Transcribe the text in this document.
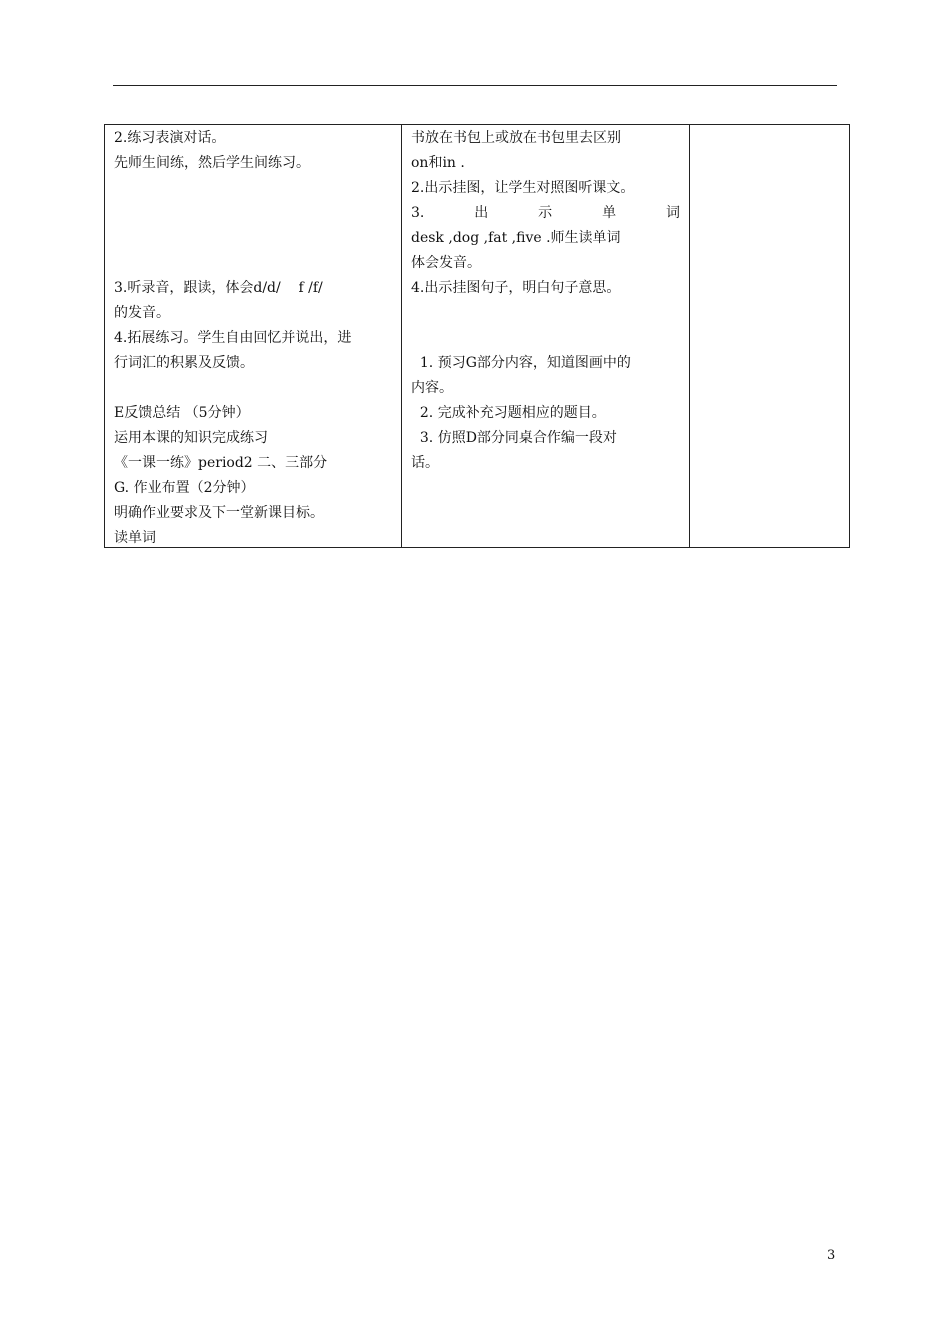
2.练习表演对话。
先师生间练，然后学生间练习。
3.听录音，跟读，体会d/d/    f /f/
的发音。
4.拓展练习。学生自由回忆并说出，进
行词汇的积累及反馈。
E反馈总结 （5分钟）
运用本课的知识完成练习
《一课一练》period2 二、三部分
G. 作业布置（2分钟）
明确作业要求及下一堂新课目标。
读单词

书放在书包上或放在书包里去区别
on和in .
2.出示挂图，让学生对照图听课文。
3.	出	示	单	词
desk ,dog ,fat ,five .师生读单词
体会发音。
4.出示挂图句子，明白句子意思。
1. 预习G部分内容，知道图画中的
内容。
2. 完成补充习题相应的题目。
3. 仿照D部分同桌合作编一段对
话。

3
